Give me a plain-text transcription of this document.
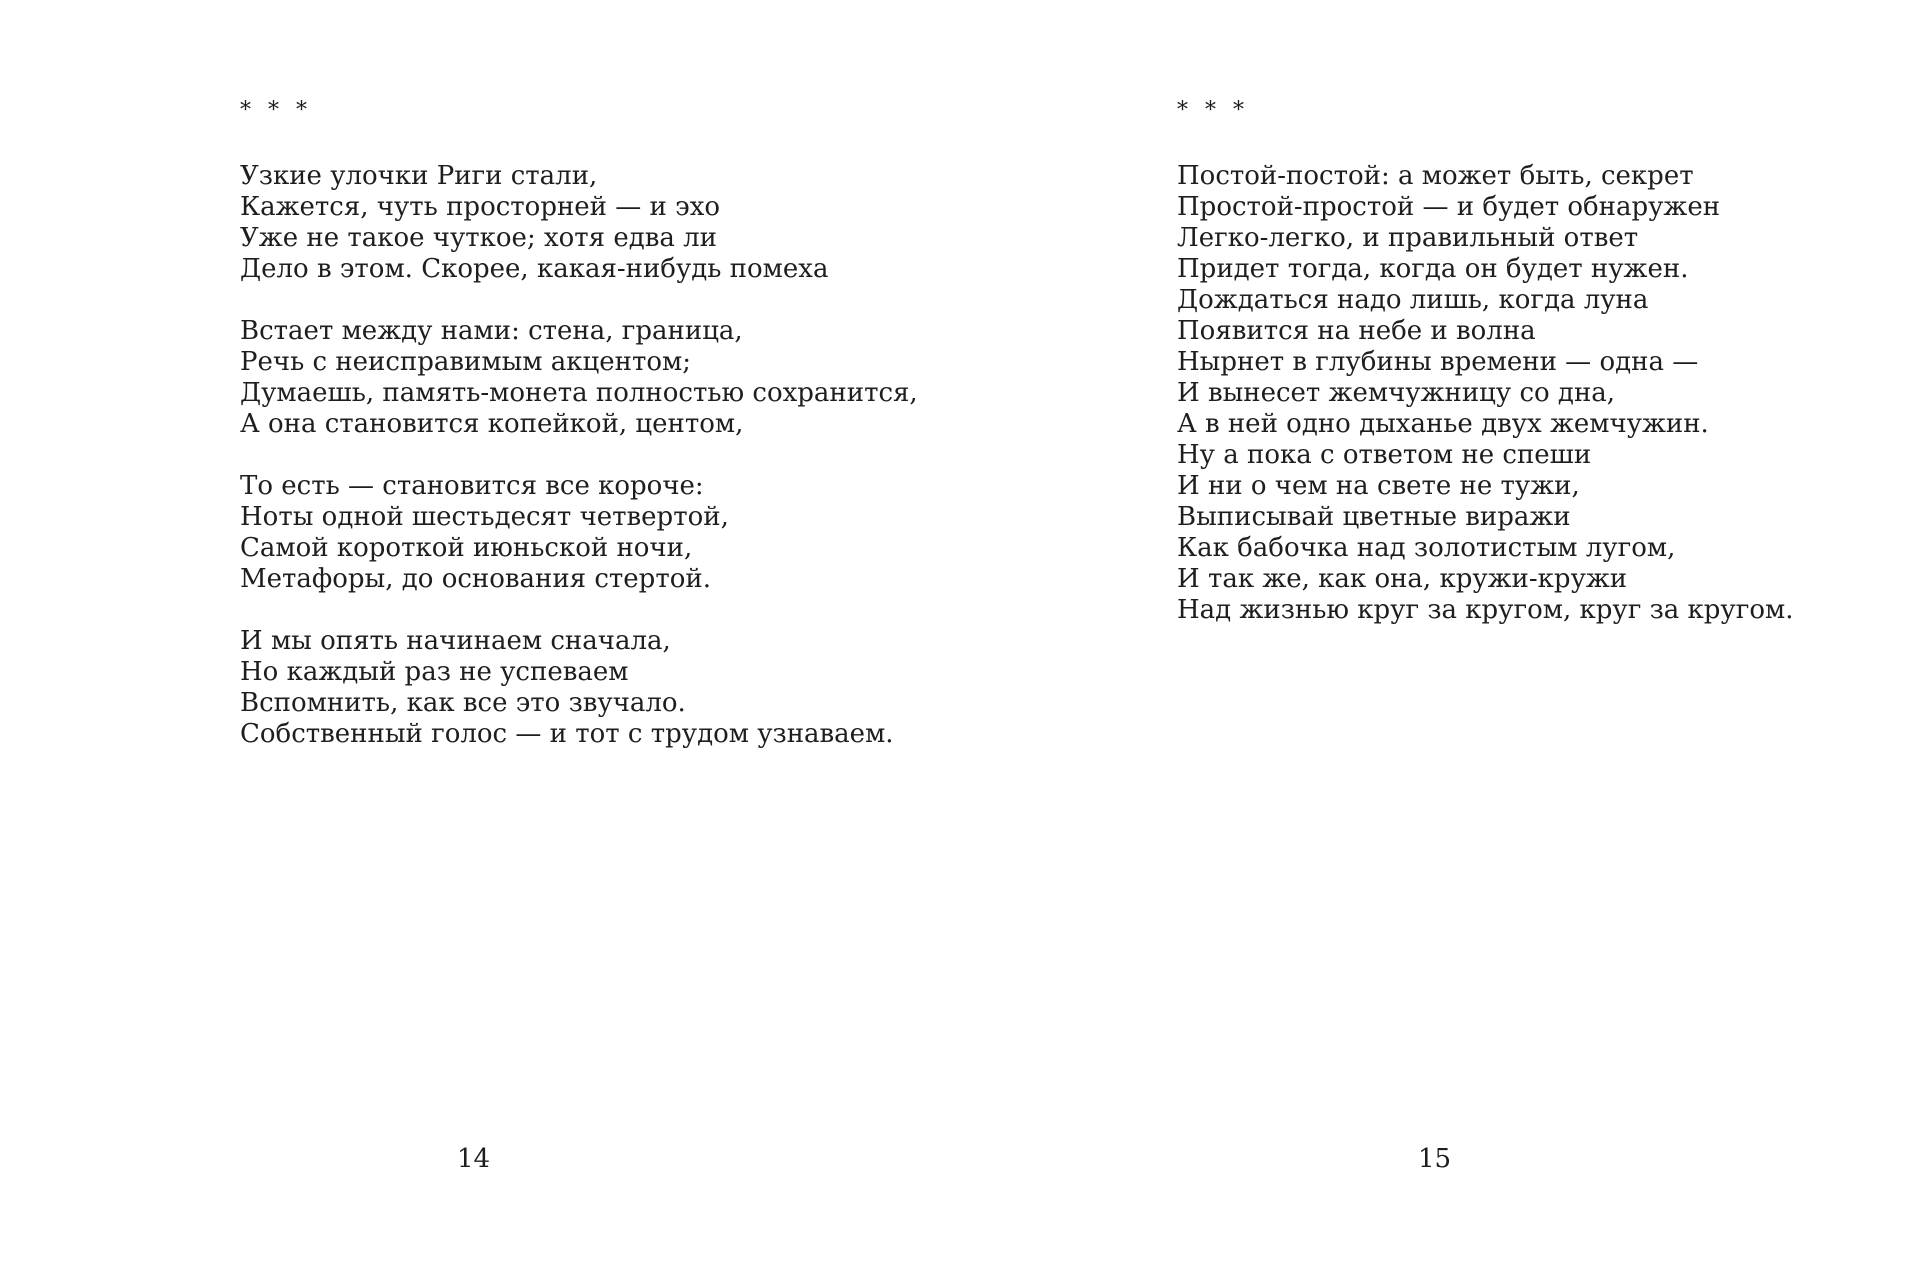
* * *
Узкие улочки Риги стали,
Кажется, чуть просторней — и эхо
Уже не такое чуткое; хотя едва ли
Дело в этом. Скорее, какая-нибудь помеха
Встает между нами: стена, граница,
Речь с неисправимым акцентом;
Думаешь, память-монета полностью сохранится,
А она становится копейкой, центом,
То есть — становится все короче:
Ноты одной шестьдесят четвертой,
Самой короткой июньской ночи,
Метафоры, до основания стертой.
И мы опять начинаем сначала,
Но каждый раз не успеваем
Вспомнить, как все это звучало.
Собственный голос — и тот с трудом узнаваем.
14
* * *
Постой-постой: а может быть, секрет
Простой-простой — и будет обнаружен
Легко-легко, и правильный ответ
Придет тогда, когда он будет нужен.
Дождаться надо лишь, когда луна
Появится на небе и волна
Нырнет в глубины времени — одна —
И вынесет жемчужницу со дна,
А в ней одно дыханье двух жемчужин.
Ну а пока с ответом не спеши
И ни о чем на свете не тужи,
Выписывай цветные виражи
Как бабочка над золотистым лугом,
И так же, как она, кружи-кружи
Над жизнью круг за кругом, круг за кругом.
15
